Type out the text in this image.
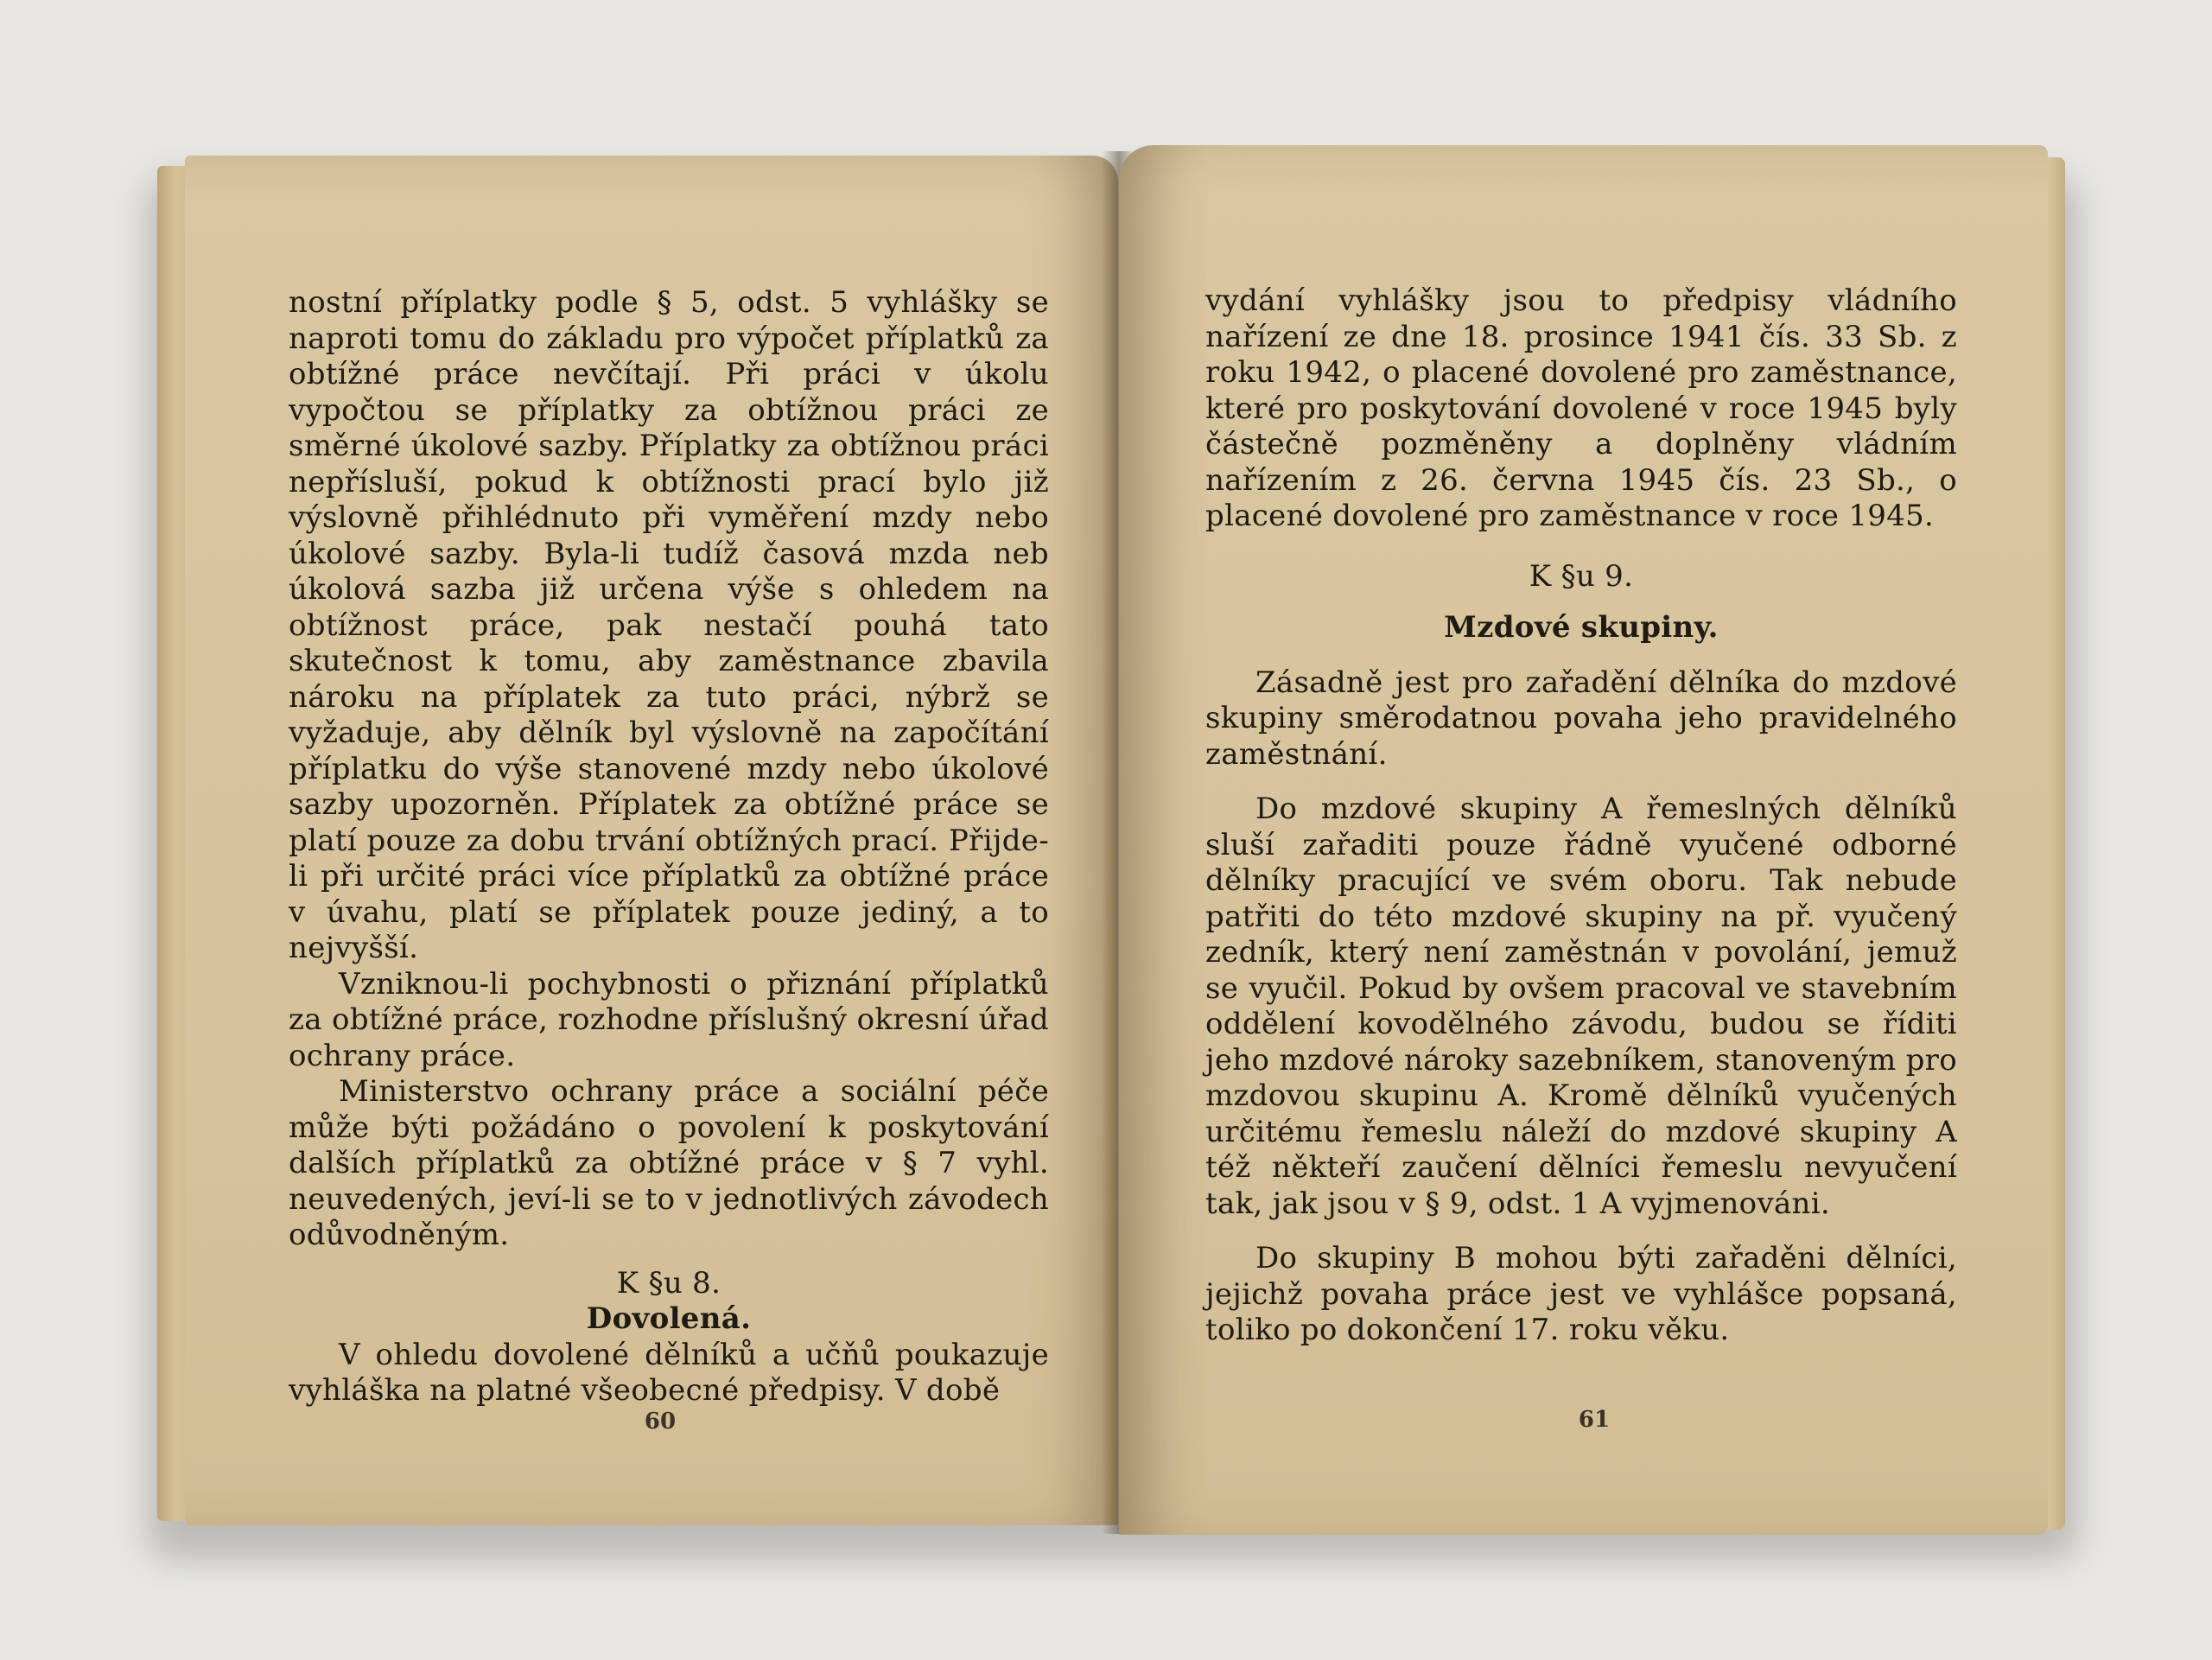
nostní příplatky podle § 5, odst. 5 vyhlášky se naproti tomu do základu pro výpočet příplatků za obtížné práce nevčítají. Při práci v úkolu vypočtou se příplatky za obtížnou práci ze směrné úkolové sazby. Příplatky za obtížnou práci nepřísluší, pokud k obtížnosti prací bylo již výslovně přihlédnuto při vyměření mzdy nebo úkolové sazby. Byla-li tudíž časová mzda neb úkolová sazba již určena výše s ohledem na obtížnost práce, pak nestačí pouhá tato skutečnost k tomu, aby zaměstnance zbavila nároku na příplatek za tuto práci, nýbrž se vyžaduje, aby dělník byl výslovně na započítání příplatku do výše stanovené mzdy nebo úkolové sazby upozorněn. Příplatek za obtížné práce se platí pouze za dobu trvání obtížných prací. Přijde-li při určité práci více příplatků za obtížné práce v úvahu, platí se příplatek pouze jediný, a to nejvyšší.

Vzniknou-li pochybnosti o přiznání příplatků za obtížné práce, rozhodne příslušný okresní úřad ochrany práce.

Ministerstvo ochrany práce a sociální péče může býti požádáno o povolení k poskytování dalších příplatků za obtížné práce v § 7 vyhl. neuvedených, jeví-li se to v jednotlivých závodech odůvodněným.

K §u 8.

Dovolená.

V ohledu dovolené dělníků a učňů poukazuje vyhláška na platné všeobecné předpisy. V době

60

vydání vyhlášky jsou to předpisy vládního nařízení ze dne 18. prosince 1941 čís. 33 Sb. z roku 1942, o placené dovolené pro zaměstnance, které pro poskytování dovolené v roce 1945 byly částečně pozměněny a doplněny vládním nařízením z 26. června 1945 čís. 23 Sb., o placené dovolené pro zaměstnance v roce 1945.

K §u 9.

Mzdové skupiny.

Zásadně jest pro zařadění dělníka do mzdové skupiny směrodatnou povaha jeho pravidelného zaměstnání.

Do mzdové skupiny A řemeslných dělníků sluší zařaditi pouze řádně vyučené odborné dělníky pracující ve svém oboru. Tak nebude patřiti do této mzdové skupiny na př. vyučený zedník, který není zaměstnán v povolání, jemuž se vyučil. Pokud by ovšem pracoval ve stavebním oddělení kovodělného závodu, budou se říditi jeho mzdové nároky sazebníkem, stanoveným pro mzdovou skupinu A. Kromě dělníků vyučených určitému řemeslu náleží do mzdové skupiny A též někteří zaučení dělníci řemeslu nevyučení tak, jak jsou v § 9, odst. 1 A vyjmenováni.

Do skupiny B mohou býti zařaděni dělníci, jejichž povaha práce jest ve vyhlášce popsaná, toliko po dokončení 17. roku věku.

61
